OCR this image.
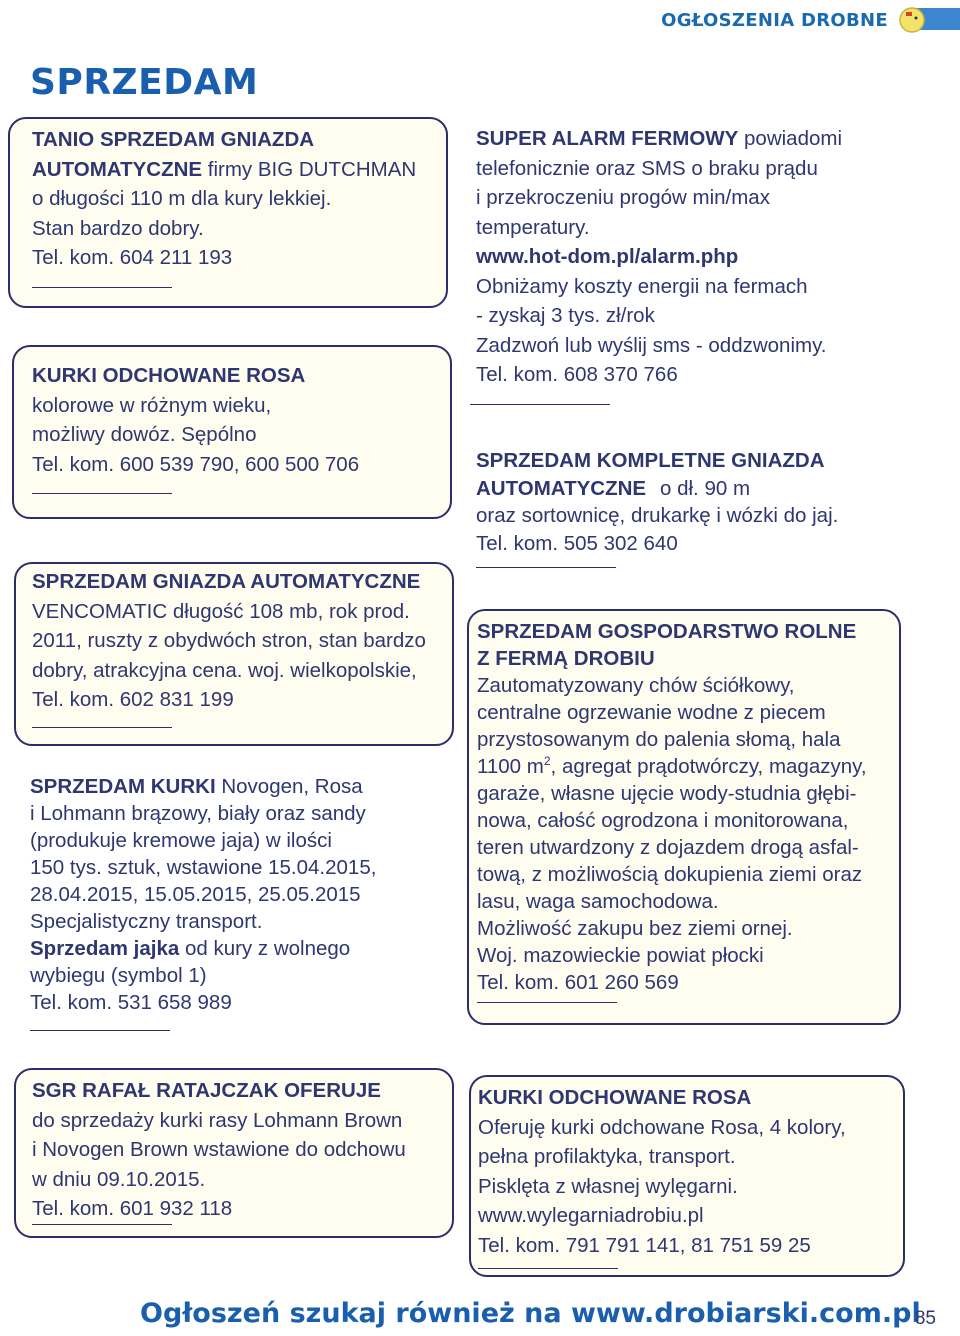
OGŁOSZENIA DROBNE
SPRZEDAM

TANIO SPRZEDAM GNIAZDA AUTOMATYCZNE firmy BIG DUTCHMAN

o długości 110 m dla kury lekkiej.

Stan bardzo dobry.

Tel. kom. 604 211 193

KURKI ODCHOWANE ROSA

kolorowe w różnym wieku,

możliwy dowóz. Sępólno

Tel. kom. 600 539 790, 600 500 706

SPRZEDAM GNIAZDA AUTOMATYCZNE

VENCOMATIC długość 108 mb, rok prod.

2011, ruszty z obydwóch stron, stan bardzo

dobry, atrakcyjna cena. woj. wielkopolskie,

Tel. kom. 602 831 199

SPRZEDAM KURKI Novogen, Rosa

i Lohmann brązowy, biały oraz sandy

(produkuje kremowe jaja) w ilości

150 tys. sztuk, wstawione 15.04.2015,

28.04.2015, 15.05.2015, 25.05.2015

Specjalistyczny transport.

Sprzedam jajka od kury z wolnego

wybiegu (symbol 1)

Tel. kom. 531 658 989

SGR RAFAŁ RATAJCZAK OFERUJE

do sprzedaży kurki rasy Lohmann Brown

i Novogen Brown wstawione do odchowu

w dniu 09.10.2015.

Tel. kom. 601 932 118

SUPER ALARM FERMOWY powiadomi

telefonicznie oraz SMS o braku prądu

i przekroczeniu progów min/max

temperatury.

www.hot-dom.pl/alarm.php

Obniżamy koszty energii na fermach

- zyskaj 3 tys. zł/rok

Zadzwoń lub wyślij sms - oddzwonimy.

Tel. kom. 608 370 766

SPRZEDAM KOMPLETNE GNIAZDA AUTOMATYCZNE o dł. 90 m

oraz sortownicę, drukarkę i wózki do jaj.

Tel. kom. 505 302 640

SPRZEDAM GOSPODARSTWO ROLNE

Z FERMĄ DROBIU

Zautomatyzowany chów ściółkowy,

centralne ogrzewanie wodne z piecem

przystosowanym do palenia słomą, hala

1100 $m^2$, agregat prądotwórczy, magazyny,

garaże, własne ujęcie wody-studnia głębi-

nowa, całość ogrodzona i monitorowana,

teren utwardzony z dojazdem drogą asfal-

tową, z możliwością dokupienia ziemi oraz

lasu, waga samochodowa.

Możliwość zakupu bez ziemi ornej.

Woj. mazowieckie powiat płocki

Tel. kom. 601 260 569

KURKI ODCHOWANE ROSA

Oferuję kurki odchowane Rosa, 4 kolory,

pełna profilaktyka, transport.

Pisklęta z własnej wylęgarni.

www.wylegarniadrobiu.pl

Tel. kom. 791 791 141, 81 751 59 25

Ogłoszeń szukaj również na www.drobiarski.com.pl
85
